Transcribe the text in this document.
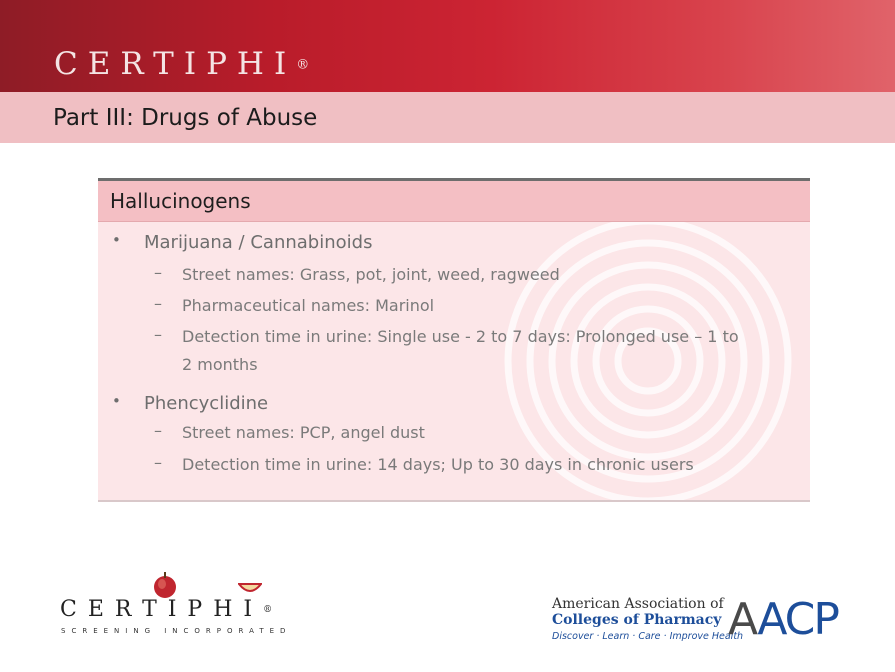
CERTIPHI®
Part III: Drugs of Abuse
Hallucinogens
• Marijuana / Cannabinoids
– Street names: Grass, pot, joint, weed, ragweed
– Pharmaceutical names: Marinol
– Detection time in urine: Single use - 2 to 7 days: Prolonged use – 1 to 2 months
• Phencyclidine
– Street names: PCP, angel dust
– Detection time in urine: 14 days; Up to 30 days in chronic users
CERTIPHI®
SCREENING INCORPORATED
American Association of
Colleges of Pharmacy
Discover · Learn · Care · Improve Health
AACP
